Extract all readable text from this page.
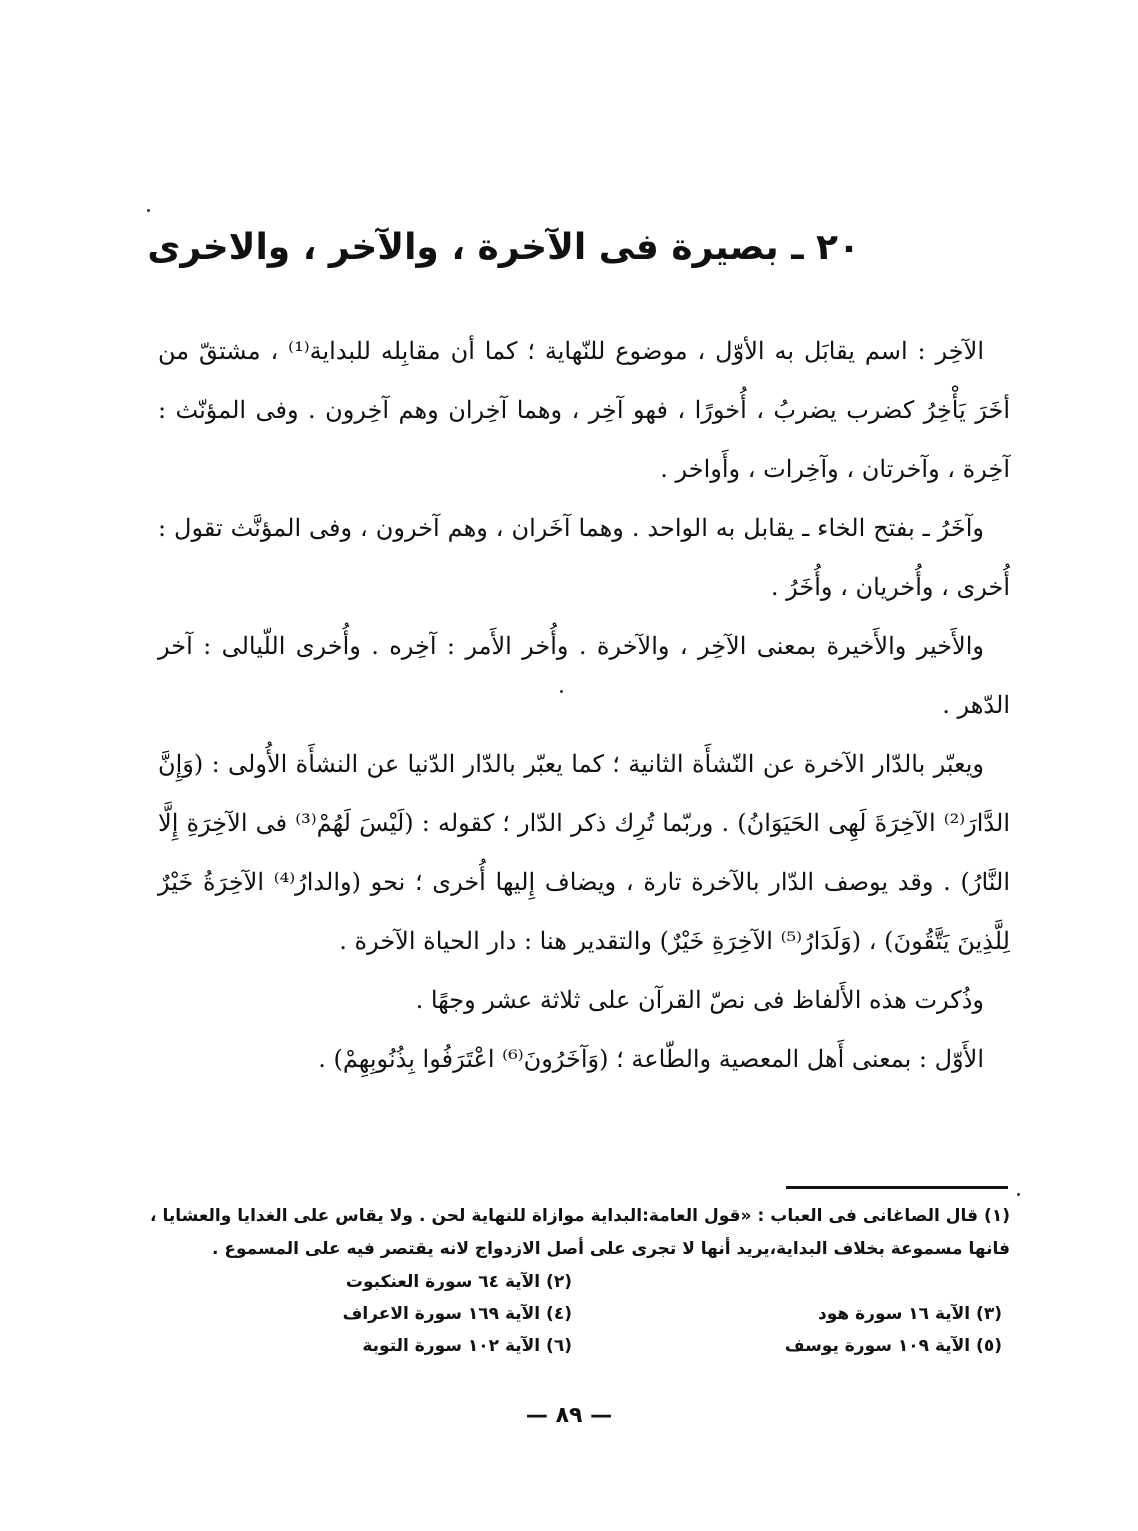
٢٠ ـ بصيرة فى الآخرة ، والآخر ، والاخرى

الآخِر : اسم يقابَل به الأوّل ، موضوع للنّهاية ؛ كما أن مقابِله للبداية⁽¹⁾ ، مشتقّ من أخَرَ يَأْخِرُ كضرب يضربُ ، أُخورًا ، فهو آخِر ، وهما آخِران وهم آخِرون . وفى المؤنّث : آخِرة ، وآخرتان ، وآخِرات ، وأَواخر .

وآخَرُ ـ بفتح الخاء ـ يقابل به الواحد . وهما آخَران ، وهم آخرون ، وفى المؤنَّث تقول : أُخرى ، وأُخريان ، وأُخَرُ .

والأَخير والأَخيرة بمعنى الآخِر ، والآخرة . وأُخر الأَمر : آخِره . وأُخرى اللّيالى : آخر الدّهر .

ويعبّر بالدّار الآخرة عن النّشأَة الثانية ؛ كما يعبّر بالدّار الدّنيا عن النشأَة الأُولى : (وَإِنَّ الدَّارَ⁽²⁾ الآخِرَةَ لَهِى الحَيَوَانُ) . وربّما تُرِك ذكر الدّار ؛ كقوله : (لَيْسَ لَهُمْ⁽³⁾ فى الآخِرَةِ إِلَّا النَّارُ) . وقد يوصف الدّار بالآخرة تارة ، ويضاف إِليها أُخرى ؛ نحو (والدارُ⁽⁴⁾ الآخِرَةُ خَيْرٌ لِلَّذِينَ يَتَّقُونَ) ، (وَلَدَارُ⁽⁵⁾ الآخِرَةِ خَيْرٌ) والتقدير هنا : دار الحياة الآخرة .

وذُكرت هذه الأَلفاظ فى نصّ القرآن على ثلاثة عشر وجهًا .

الأَوّل : بمعنى أَهل المعصية والطّاعة ؛ (وَآخَرُونَ⁽⁶⁾ اعْتَرَفُوا بِذُنُوبِهِمْ) .

(١) قال الصاغانى فى العباب : «قول العامة:البداية موازاة للنهاية لحن . ولا يقاس على الغدايا والعشايا ، فانها مسموعة بخلاف البداية،يريد أنها لا تجرى على أصل الازدواج لانه يقتصر فيه على المسموع .

(٢) الآية ٦٤ سورة العنكبوت
(٣) الآية ١٦ سورة هود
(٤) الآية ١٦٩ سورة الاعراف
(٥) الآية ١٠٩ سورة يوسف
(٦) الآية ١٠٢ سورة التوبة
— ٨٩ —
